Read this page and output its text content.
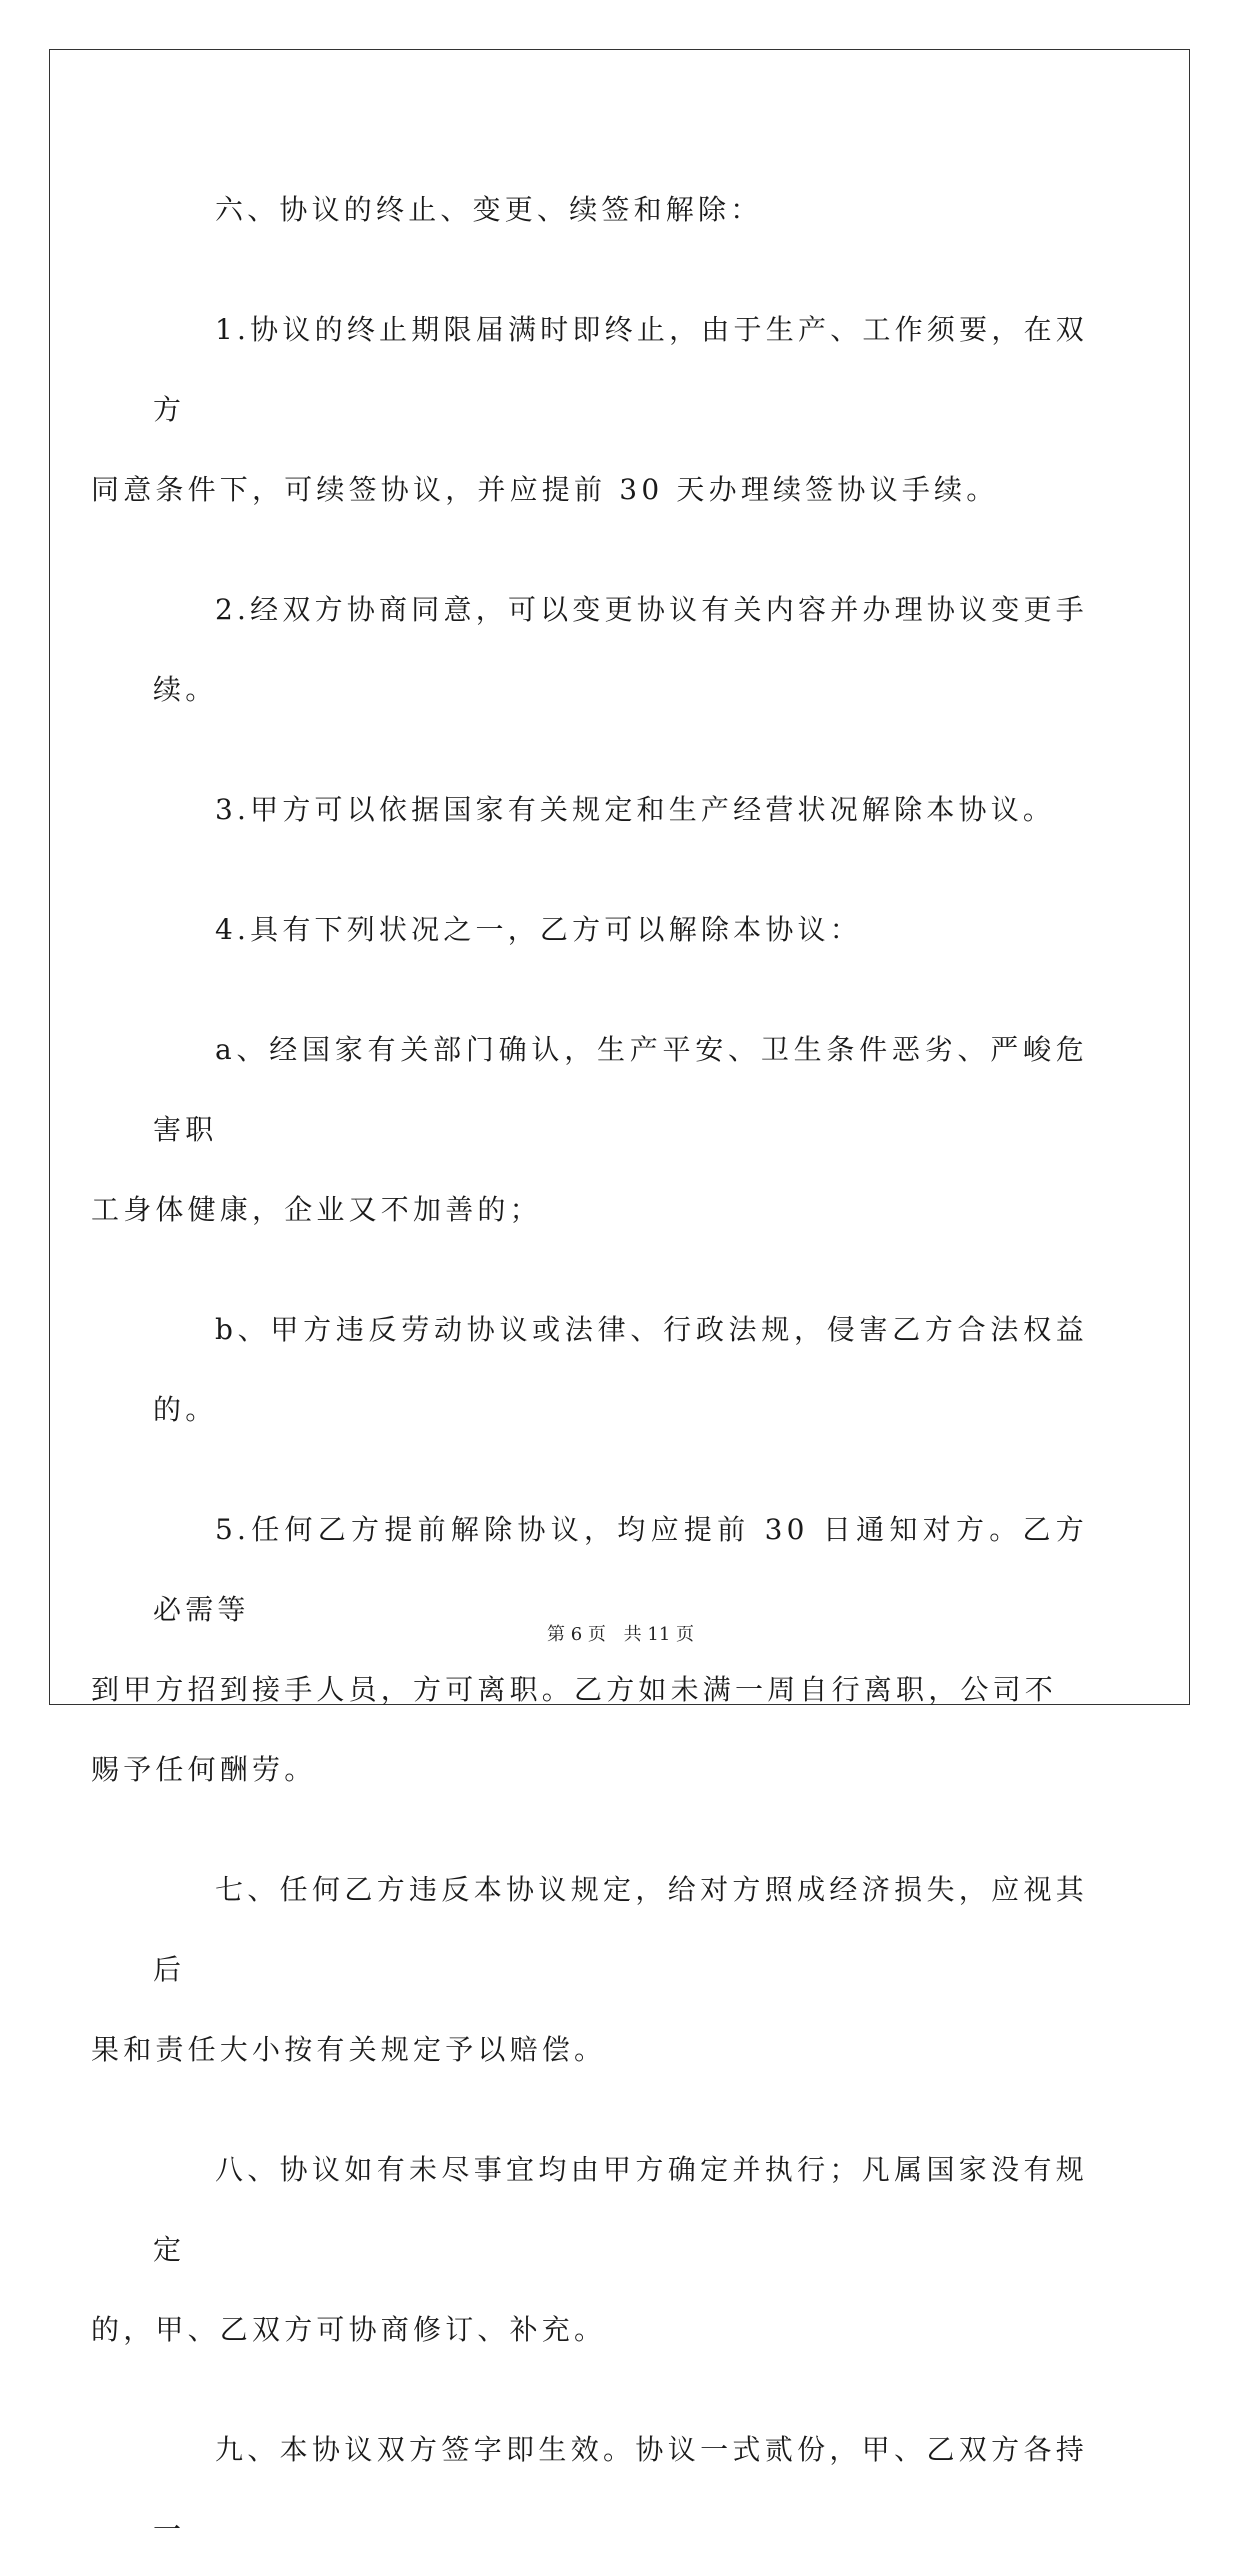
六、协议的终止、变更、续签和解除：

1.协议的终止期限届满时即终止，由于生产、工作须要，在双方
同意条件下，可续签协议，并应提前 30 天办理续签协议手续。

2.经双方协商同意，可以变更协议有关内容并办理协议变更手续。

3.甲方可以依据国家有关规定和生产经营状况解除本协议。

4.具有下列状况之一，乙方可以解除本协议：

a、经国家有关部门确认，生产平安、卫生条件恶劣、严峻危害职
工身体健康，企业又不加善的；

b、甲方违反劳动协议或法律、行政法规，侵害乙方合法权益的。

5.任何乙方提前解除协议，均应提前 30 日通知对方。乙方必需等
到甲方招到接手人员，方可离职。乙方如未满一周自行离职，公司不
赐予任何酬劳。

七、任何乙方违反本协议规定，给对方照成经济损失，应视其后
果和责任大小按有关规定予以赔偿。

八、协议如有未尽事宜均由甲方确定并执行；凡属国家没有规定
的，甲、乙双方可协商修订、补充。

九、本协议双方签字即生效。协议一式贰份，甲、乙双方各持一

第 6 页 共 11 页
